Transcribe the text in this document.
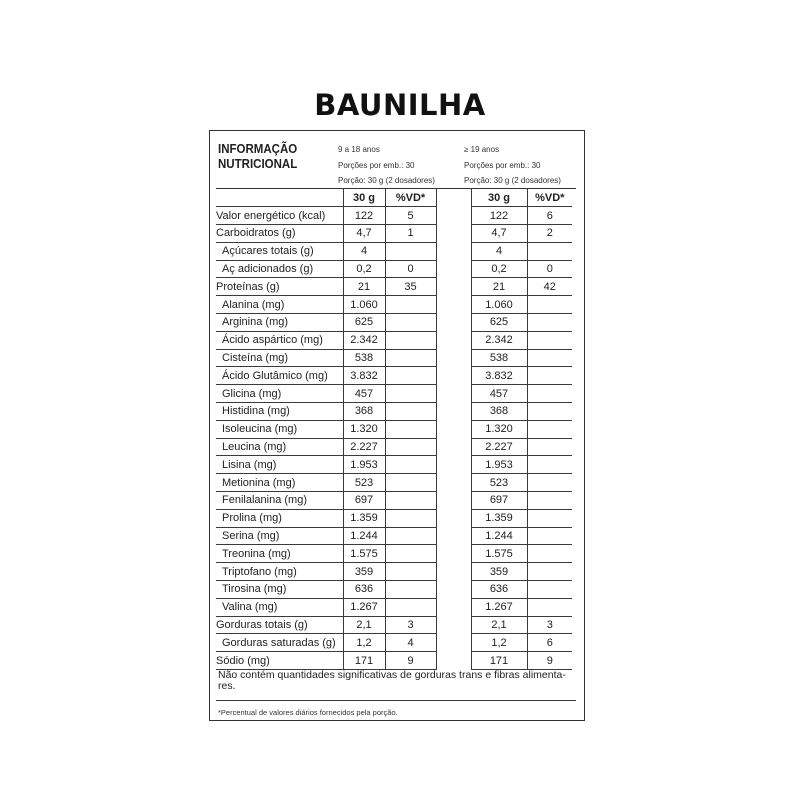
BAUNILHA
INFORMAÇÃO
NUTRICIONAL
9 a 18 anos
Porções por emb.: 30
Porção: 30 g (2 dosadores)
≥ 19 anos
Porções por emb.: 30
Porção: 30 g (2 dosadores)
	30 g	%VD*		30 g	%VD*
Valor energético (kcal)	122	5		122	6
Carboidratos (g)	4,7	1		4,7	2
Açúcares totais (g)	4			4	
Aç adicionados (g)	0,2	0		0,2	0
Proteínas (g)	21	35		21	42
Alanina (mg)	1.060			1.060	
Arginina (mg)	625			625	
Ácido aspártico (mg)	2.342			2.342	
Cisteína (mg)	538			538	
Ácido Glutâmico (mg)	3.832			3.832	
Glicina (mg)	457			457	
Histidina (mg)	368			368	
Isoleucina (mg)	1.320			1.320	
Leucina (mg)	2.227			2.227	
Lisina (mg)	1.953			1.953	
Metionina (mg)	523			523	
Fenilalanina (mg)	697			697	
Prolina (mg)	1.359			1.359	
Serina (mg)	1.244			1.244	
Treonina (mg)	1.575			1.575	
Triptofano (mg)	359			359	
Tirosina (mg)	636			636	
Valina (mg)	1.267			1.267	
Gorduras totais (g)	2,1	3		2,1	3
Gorduras saturadas (g)	1,2	4		1,2	6
Sódio (mg)	171	9		171	9
Não contém quantidades significativas de gorduras trans e fibras alimenta-res.
*Percentual de valores diários fornecidos pela porção.
